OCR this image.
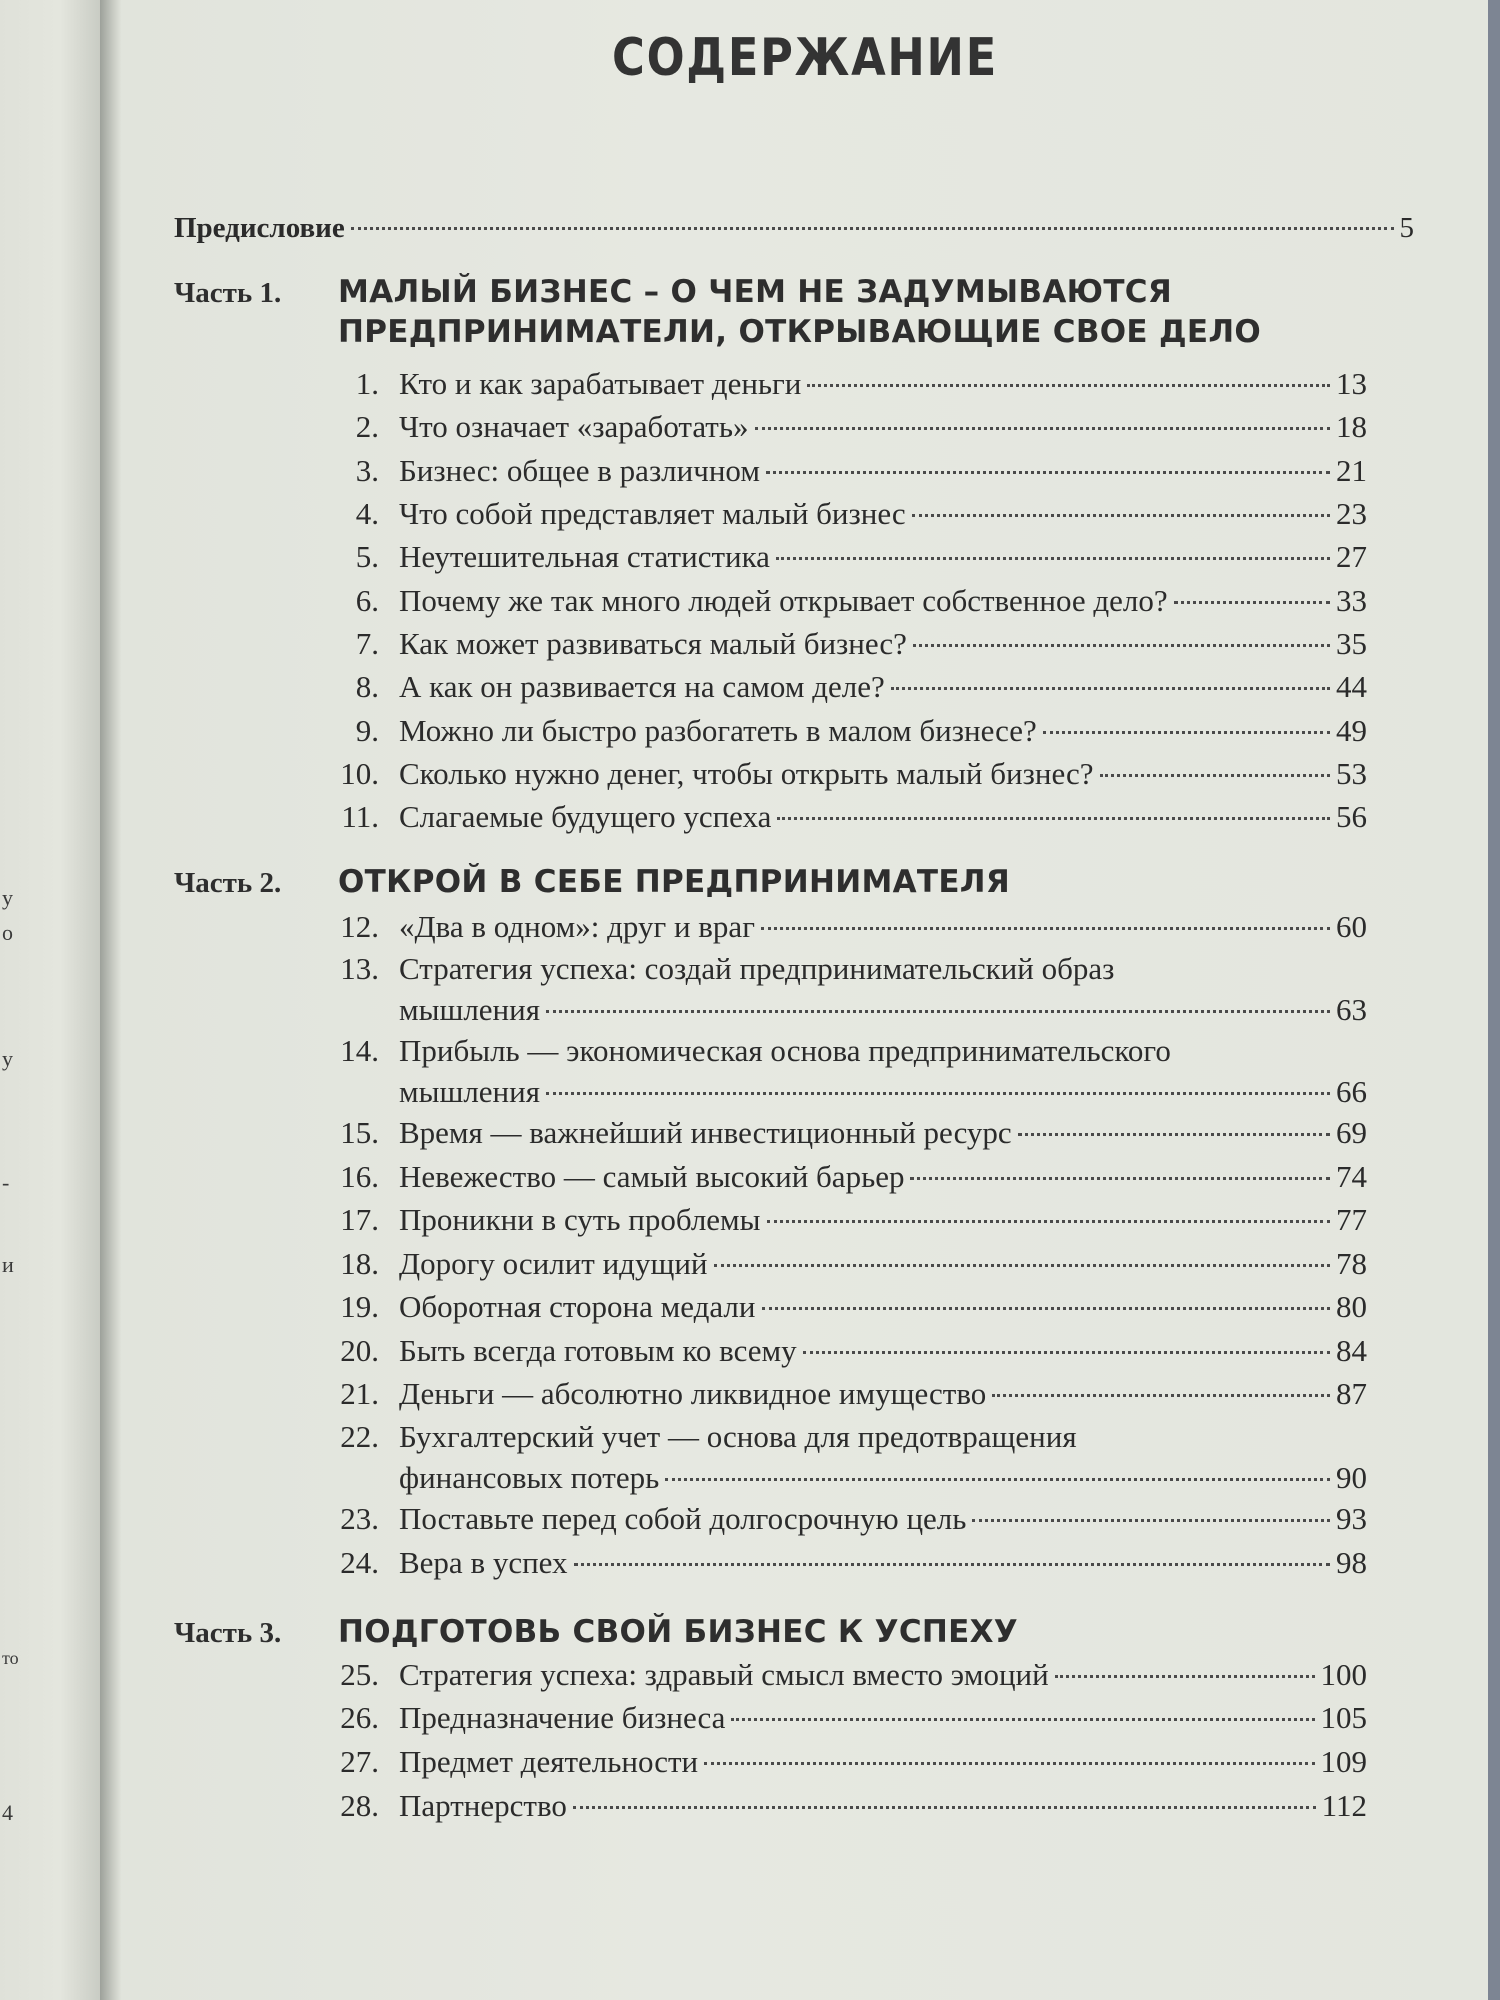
у
о
у
-
и
то
4
СОДЕРЖАНИЕ
Предисловие	5
Часть 1.	МАЛЫЙ БИЗНЕС – О ЧЕМ НЕ ЗАДУМЫВАЮТСЯ
ПРЕДПРИНИМАТЕЛИ, ОТКРЫВАЮЩИЕ СВОЕ ДЕЛО
1. Кто и как зарабатывает деньги	13
2. Что означает «заработать»	18
3. Бизнес: общее в различном	21
4. Что собой представляет малый бизнес	23
5. Неутешительная статистика	27
6. Почему же так много людей открывает собственное дело?	33
7. Как может развиваться малый бизнес?	35
8. А как он развивается на самом деле?	44
9. Можно ли быстро разбогатеть в малом бизнесе?	49
10. Сколько нужно денег, чтобы открыть малый бизнес?	53
11. Слагаемые будущего успеха	56
Часть 2.	ОТКРОЙ В СЕБЕ ПРЕДПРИНИМАТЕЛЯ
12. «Два в одном»: друг и враг	60
13. Стратегия успеха: создай предпринимательский образ
мышления	63
14. Прибыль — экономическая основа предпринимательского
мышления	66
15. Время — важнейший инвестиционный ресурс	69
16. Невежество — самый высокий барьер	74
17. Проникни в суть проблемы	77
18. Дорогу осилит идущий	78
19. Оборотная сторона медали	80
20. Быть всегда готовым ко всему	84
21. Деньги — абсолютно ликвидное имущество	87
22. Бухгалтерский учет — основа для предотвращения
финансовых потерь	90
23. Поставьте перед собой долгосрочную цель	93
24. Вера в успех	98
Часть 3.	ПОДГОТОВЬ СВОЙ БИЗНЕС К УСПЕХУ
25. Стратегия успеха: здравый смысл вместо эмоций	100
26. Предназначение бизнеса	105
27. Предмет деятельности	109
28. Партнерство	112
